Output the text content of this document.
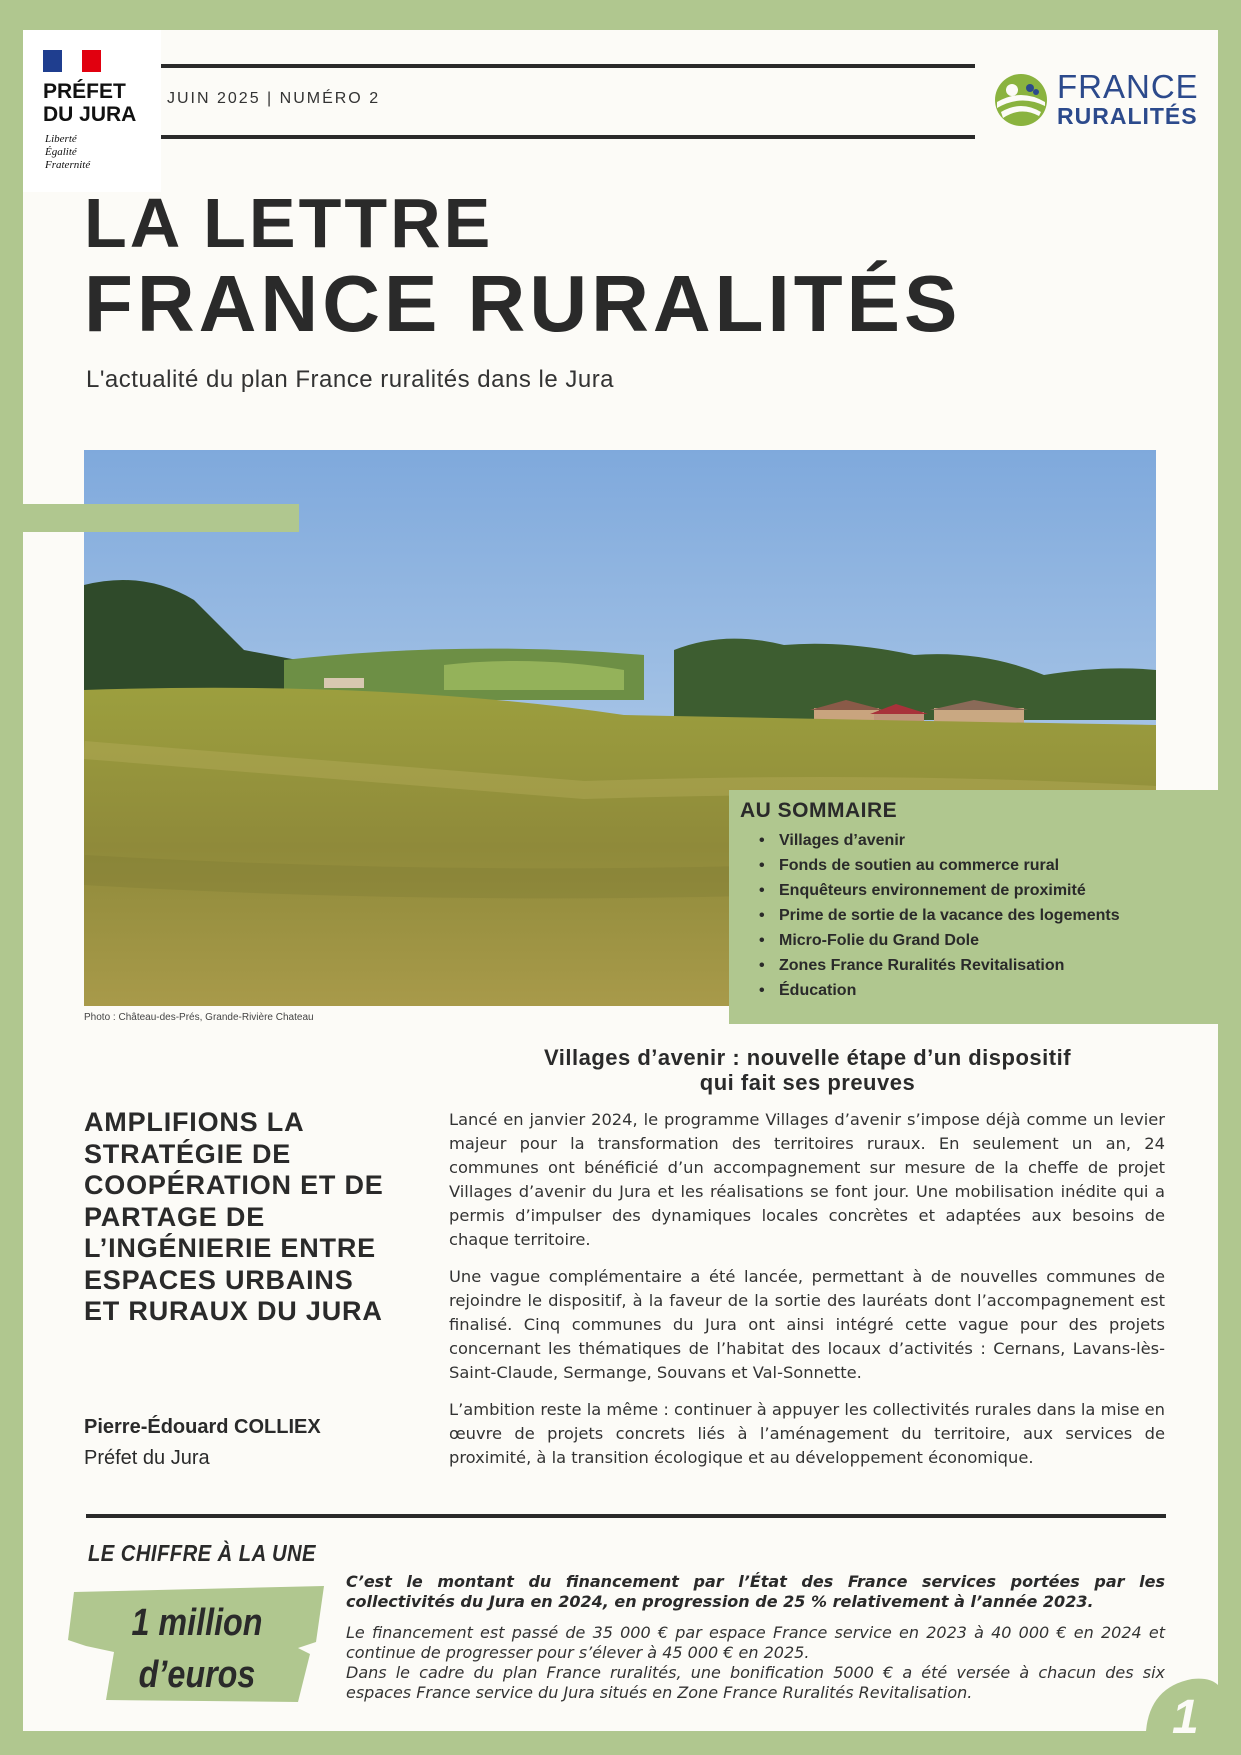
PRÉFET
DU JURA
Liberté
Égalité
Fraternité
JUIN 2025 | NUMÉRO 2	FRANCE
RURALITÉS
LA LETTRE
FRANCE RURALITÉS
L'actualité du plan France ruralités dans le Jura
Photo : Château-des-Prés, Grande-Rivière Chateau
AU SOMMAIRE
• Villages d’avenir
• Fonds de soutien au commerce rural
• Enquêteurs environnement de proximité
• Prime de sortie de la vacance des logements
• Micro-Folie du Grand Dole
• Zones France Ruralités Revitalisation
• Éducation
AMPLIFIONS LA STRATÉGIE DE COOPÉRATION ET DE PARTAGE DE L’INGÉNIERIE ENTRE ESPACES URBAINS ET RURAUX DU JURA
Pierre-Édouard COLLIEX
Préfet du Jura
Villages d’avenir : nouvelle étape d’un dispositif
qui fait ses preuves

Lancé en janvier 2024, le programme Villages d’avenir s’impose déjà comme un levier majeur pour la transformation des territoires ruraux. En seulement un an, 24 communes ont bénéficié d’un accompagnement sur mesure de la cheffe de projet Villages d’avenir du Jura et les réalisations se font jour. Une mobilisation inédite qui a permis d’impulser des dynamiques locales concrètes et adaptées aux besoins de chaque territoire.

Une vague complémentaire a été lancée, permettant à de nouvelles communes de rejoindre le dispositif, à la faveur de la sortie des lauréats dont l’accompagnement est finalisé. Cinq communes du Jura ont ainsi intégré cette vague pour des projets concernant les thématiques de l’habitat des locaux d’activités : Cernans, Lavans-lès-Saint-Claude, Sermange, Souvans et Val-Sonnette.

L’ambition reste la même : continuer à appuyer les collectivités rurales dans la mise en œuvre de projets concrets liés à l’aménagement du territoire, aux services de proximité, à la transition écologique et au développement économique.

LE CHIFFRE À LA UNE
1 million
d’euros

C’est le montant du financement par l’État des France services portées par les collectivités du Jura en 2024, en progression de 25 % relativement à l’année 2023.

Le financement est passé de 35 000 € par espace France service en 2023 à 40 000 € en 2024 et continue de progresser pour s’élever à 45 000 € en 2025.

Dans le cadre du plan France ruralités, une bonification 5000 € a été versée à chacun des six espaces France service du Jura situés en Zone France Ruralités Revitalisation.	1
